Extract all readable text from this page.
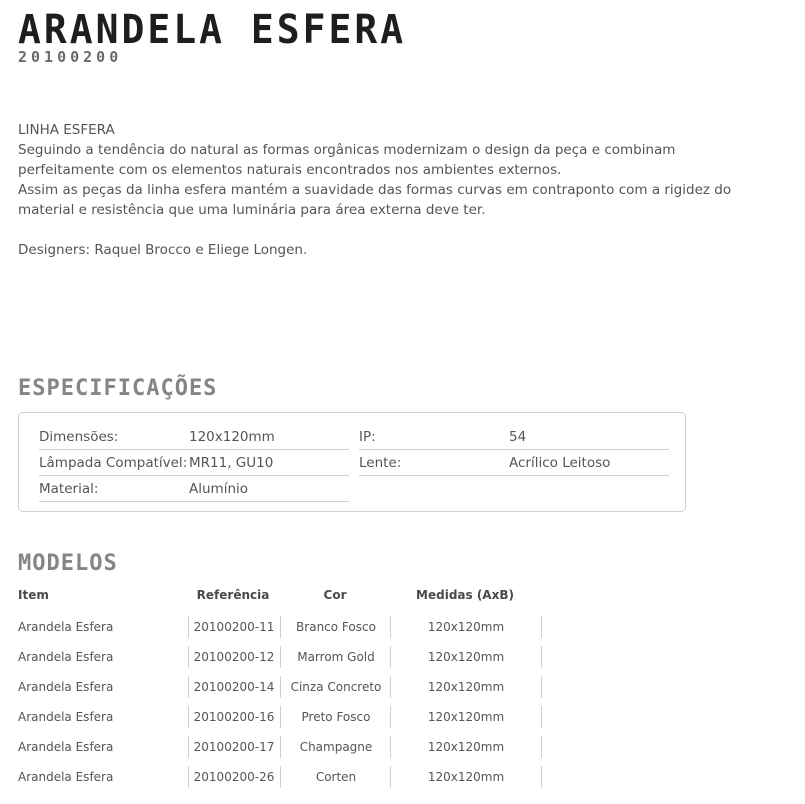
ARANDELA ESFERA
20100200

LINHA ESFERA

Seguindo a tendência do natural as formas orgânicas modernizam o design da peça e combinam perfeitamente com os elementos naturais encontrados nos ambientes externos.

Assim as peças da linha esfera mantém a suavidade das formas curvas em contraponto com a rigidez do material e resistência que uma luminária para área externa deve ter.

Designers: Raquel Brocco e Eliege Longen.

ESPECIFICAÇÕES
Dimensões:	120x120mm
Lâmpada Compatível: MR11, GU10
Material:	Alumínio
IP:	54
Lente:	Acrílico Leitoso
MODELOS
Item	Referência	Cor	Medidas (AxB)
Arandela Esfera	20100200-11	Branco Fosco	120x120mm
Arandela Esfera	20100200-12	Marrom Gold	120x120mm
Arandela Esfera	20100200-14	Cinza Concreto	120x120mm
Arandela Esfera	20100200-16	Preto Fosco	120x120mm
Arandela Esfera	20100200-17	Champagne	120x120mm
Arandela Esfera	20100200-26	Corten	120x120mm
